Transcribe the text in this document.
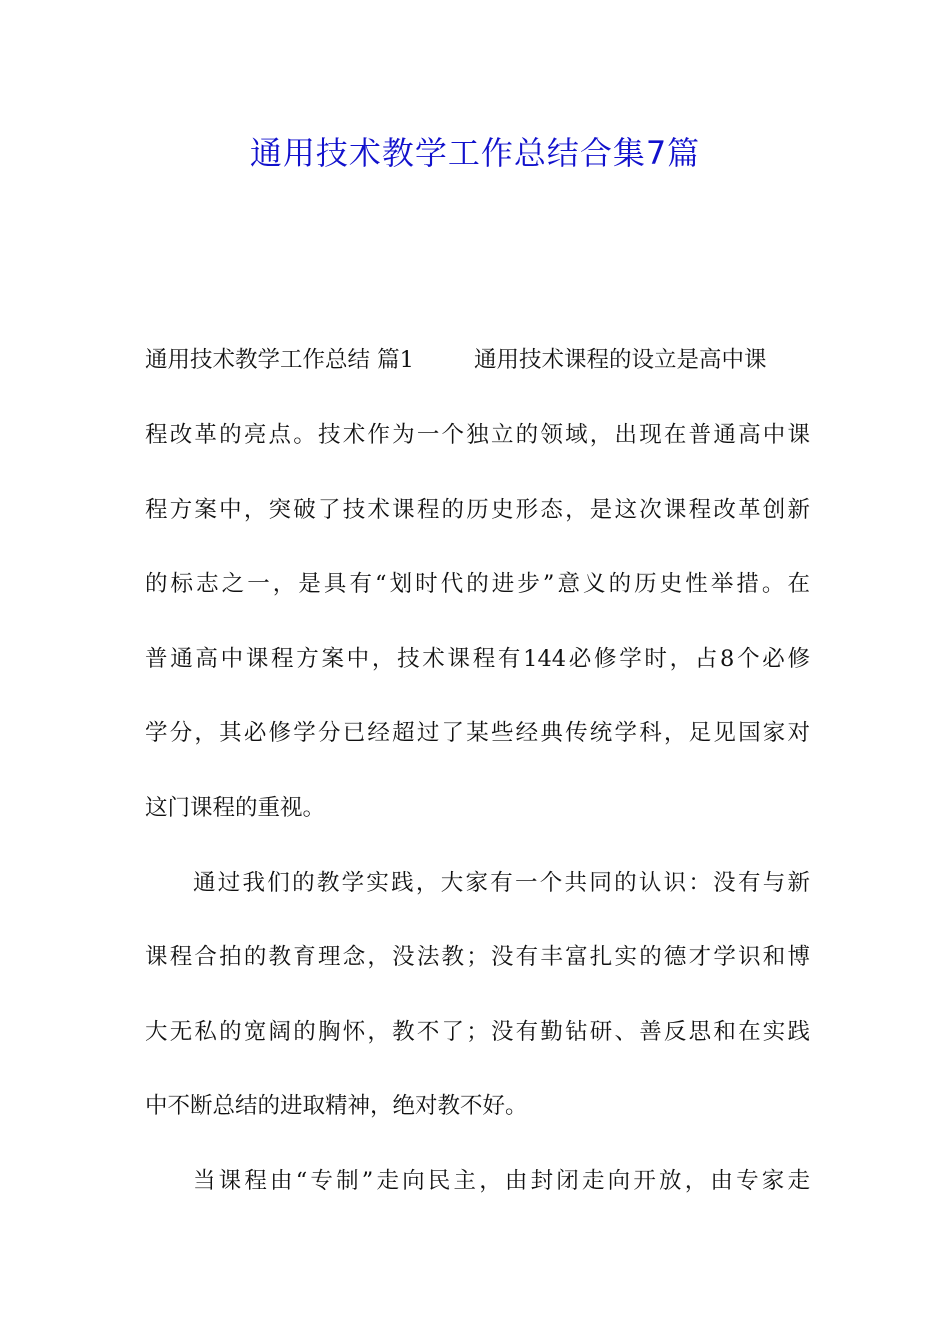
通用技术教学工作总结合集7篇
通用技术教学工作总结 篇1	通用技术课程的设立是高中课
程改革的亮点。技术作为一个独立的领域，出现在普通高中课
程方案中，突破了技术课程的历史形态，是这次课程改革创新
的标志之一，是具有“划时代的进步”意义的历史性举措。在
普通高中课程方案中，技术课程有144必修学时，占8个必修
学分，其必修学分已经超过了某些经典传统学科，足见国家对
这门课程的重视。
通过我们的教学实践，大家有一个共同的认识：没有与新
课程合拍的教育理念，没法教；没有丰富扎实的德才学识和博
大无私的宽阔的胸怀，教不了；没有勤钻研、善反思和在实践
中不断总结的进取精神，绝对教不好。
当课程由“专制”走向民主，由封闭走向开放，由专家走
